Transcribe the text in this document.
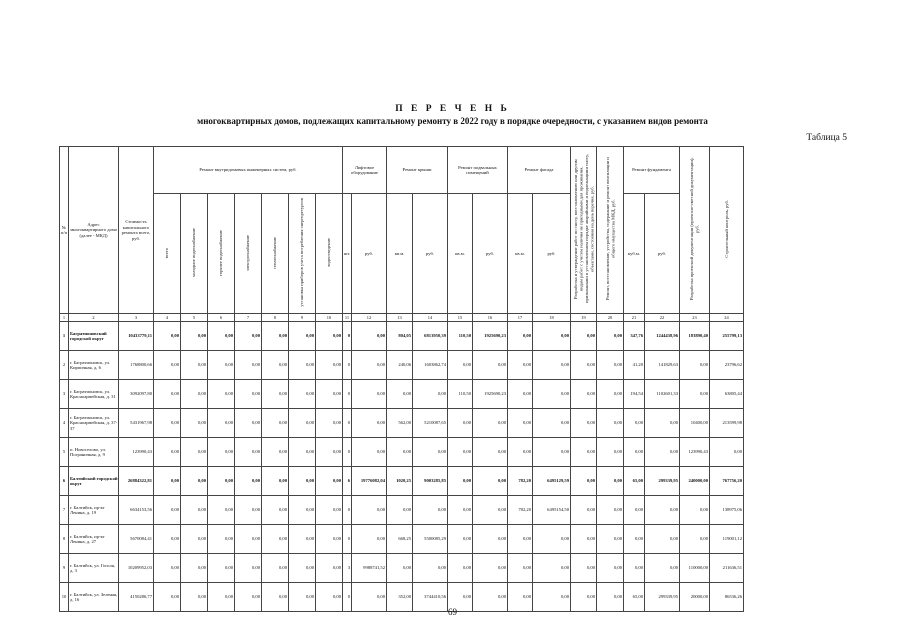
П Е Р Е Ч Е Н Ь
многоквартирных домов, подлежащих капитальному ремонту в 2022 году в порядке очередности, с указанием видов ремонта
Таблица 5
№ п/п	Адрес многоквартирного дома (далее - МКД)	Стоимость капитального ремонта всего, руб.	Ремонт внутридомовых инженерных систем, руб.							Лифтовое оборудование		Ремонт крыши		Ремонт подвальных помещений		Ремонт фасада		Разработка и утверждение работ по сносу, восстановлению или другим видам работ с учетом наличия не пригодными для проживания, признанными в установленном порядке аварийными и подлежащими сносу, объектами, состоянии на день перечня, руб.	Ремонт, восстановление, устройства, содержание и ремонт вентиляции и общего имущества МКД, руб.	Ремонт фундамента		Разработка проектной документации (проектно-сметной документации), руб.	Строительный контроль, руб.
			всего	холодное водоснабжение	горячее водоснабжение	электроснабжение	теплоснабжение	установка приборов учета потребления энергоресурсов	водоотведение	шт.	руб.	кв.м.	руб.	кв.м.	руб.	кв.м.	руб.			куб.м.	руб.		
1	2	3	4	5	6	7	8	9	10	11	12	13	14	15	16	17	18	19	20	21	22	23	24
1	Багратионовский городской округ	10433779,11	0,00	0,00	0,00	0,00	0,00	0,00	0,00	0	0,00	804,05	6813950,39	110,50	1925690,23	0,00	0,00	0,00	0,00	347,76	1244438,96	183890,40	255799,13
2	г. Багратионовск, ул. Кирпичная, д. 6	1768800,66	0,00	0,00	0,00	0,00	0,00	0,00	0,00	0	0,00	240,06	1603862,74	0,00	0,00	0,00	0,00	0,00	0,00	41,20	141829,63	0,00	23796,62
3	г. Багратионовск, ул. Красноармейская, д. 31	3092097,80	0,00	0,00	0,00	0,00	0,00	0,00	0,00	0	0,00	0,00	0,00	110,50	1925690,23	0,00	0,00	0,00	0,00	194,54	1102601,33	0,00	63805,44
4	г. Багратионовск, ул. Красноармейская, д. 37-37	5431967,98	0,00	0,00	0,00	0,00	0,00	0,00	0,00	0	0,00	562,00	5210087,65	0,00	0,00	0,00	0,00	0,00	0,00	0,00	0,00	10400,00	213599,98
5	п. Новоселово, ул. Пограничная, д. 9	123990,43	0,00	0,00	0,00	0,00	0,00	0,00	0,00	0	0,00	0,00	0,00	0,00	0,00	0,00	0,00	0,00	0,00	0,00	0,00	123990,43	0,00
6	Балтийский городской округ	26884322,81	0,00	0,00	0,00	0,00	0,00	0,00	0,00	6	19776082,04	1020,25	9003285,85	0,00	0,00	782,20	6495129,59	0,00	0,00	65,00	299339,95	240000,00	767756,20
7	г. Балтийск, пр-кт Ленина, д. 19	6634153,56	0,00	0,00	0,00	0,00	0,00	0,00	0,00	0	0,00	0,00	0,00	0,00	0,00	782,20	6495154,50	0,00	0,00	0,00	0,00	0,00	138975,06
8	г. Балтийск, пр-кт Ленина, д. 27	5670084,41	0,00	0,00	0,00	0,00	0,00	0,00	0,00	0	0,00	668,25	5500085,29	0,00	0,00	0,00	0,00	0,00	0,00	0,00	0,00	0,00	119001,12
9	г. Балтийск, ул. Гоголя, д. 3	10209952,03	0,00	0,00	0,00	0,00	0,00	0,00	0,00	3	9988741,52	0,00	0,00	0,00	0,00	0,00	0,00	0,00	0,00	0,00	0,00	110000,00	211636,51
10	г. Балтийск, ул. Зеленая, д. 16	4150286,77	0,00	0,00	0,00	0,00	0,00	0,00	0,00	0	0,00	352,00	3744410,56	0,00	0,00	0,00	0,00	0,00	0,00	65,00	299339,95	20000,00	86536,26
69
